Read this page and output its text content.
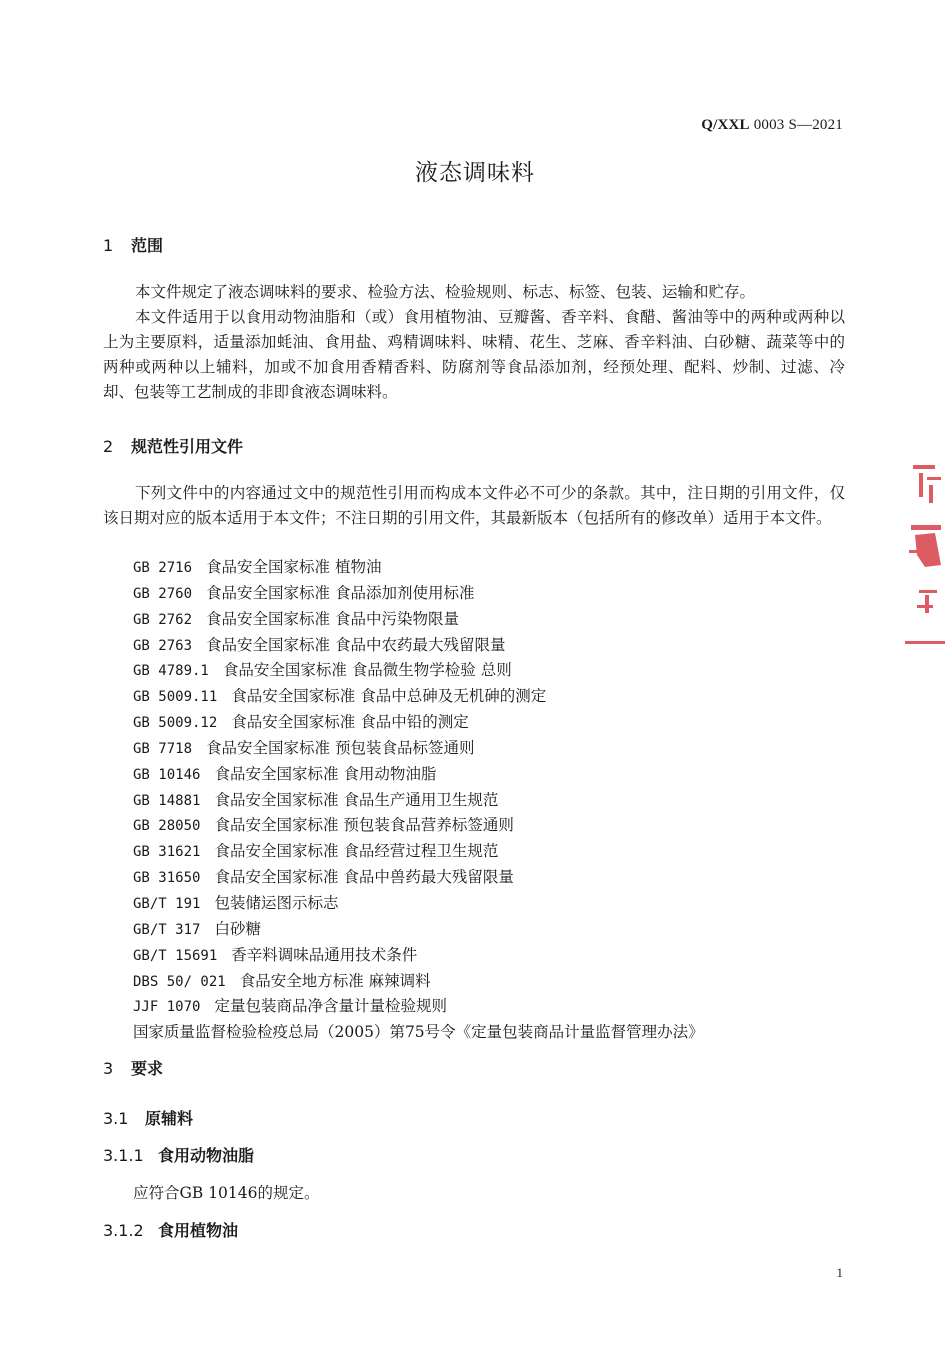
Q/XXL 0003 S—2021
液态调味料
1 范围
本文件规定了液态调味料的要求、检验方法、检验规则、标志、标签、包装、运输和贮存。
本文件适用于以食用动物油脂和（或）食用植物油、豆瓣酱、香辛料、食醋、酱油等中的两种或两种以上为主要原料，适量添加蚝油、食用盐、鸡精调味料、味精、花生、芝麻、香辛料油、白砂糖、蔬菜等中的两种或两种以上辅料，加或不加食用香精香料、防腐剂等食品添加剂，经预处理、配料、炒制、过滤、冷却、包装等工艺制成的非即食液态调味料。
2 规范性引用文件
下列文件中的内容通过文中的规范性引用而构成本文件必不可少的条款。其中，注日期的引用文件，仅该日期对应的版本适用于本文件；不注日期的引用文件，其最新版本（包括所有的修改单）适用于本文件。
GB 2716 食品安全国家标准 植物油
GB 2760 食品安全国家标准 食品添加剂使用标准
GB 2762 食品安全国家标准 食品中污染物限量
GB 2763 食品安全国家标准 食品中农药最大残留限量
GB 4789.1 食品安全国家标准 食品微生物学检验 总则
GB 5009.11 食品安全国家标准 食品中总砷及无机砷的测定
GB 5009.12 食品安全国家标准 食品中铅的测定
GB 7718 食品安全国家标准 预包装食品标签通则
GB 10146 食品安全国家标准 食用动物油脂
GB 14881 食品安全国家标准 食品生产通用卫生规范
GB 28050 食品安全国家标准 预包装食品营养标签通则
GB 31621 食品安全国家标准 食品经营过程卫生规范
GB 31650 食品安全国家标准 食品中兽药最大残留限量
GB/T 191 包装储运图示标志
GB/T 317 白砂糖
GB/T 15691 香辛料调味品通用技术条件
DBS 50/ 021 食品安全地方标准 麻辣调料
JJF 1070 定量包装商品净含量计量检验规则
国家质量监督检验检疫总局（2005）第75号令《定量包装商品计量监督管理办法》
3 要求
3.1 原辅料
3.1.1 食用动物油脂
应符合GB 10146的规定。
3.1.2 食用植物油
1
